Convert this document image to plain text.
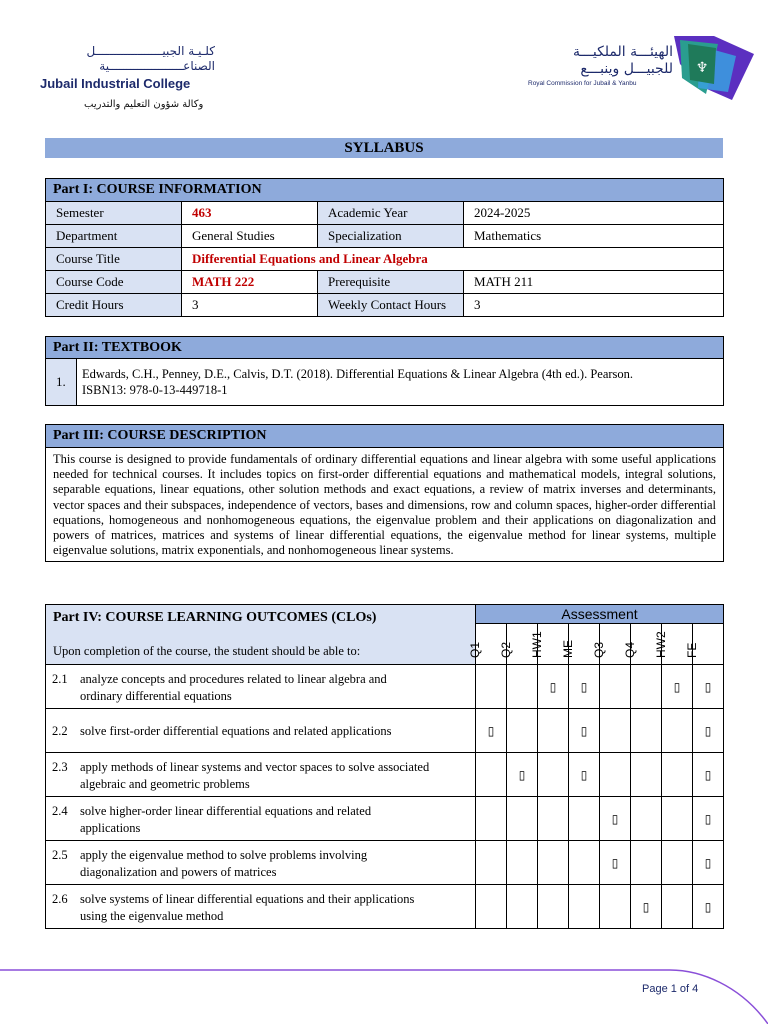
كلـيـة الجبيـــــــــــــــــــل
الصناعـــــــــــــــــــــية
Jubail Industrial College
وكالة شؤون التعليم والتدريب
الهيئـــة الملكيـــة
للجبيـــل وينبـــع
Royal Commission for Jubail & Yanbu
♆
SYLLABUS
Part I: COURSE INFORMATION			
Semester	463	Academic Year	2024-2025
Department	General Studies	Specialization	Mathematics
Course Title	Differential Equations and Linear Algebra		
Course Code	MATH 222	Prerequisite	MATH 211
Credit Hours	3	Weekly Contact Hours	3
Part II: TEXTBOOK
1.	Edwards, C.H., Penney, D.E., Calvis, D.T. (2018). Differential Equations & Linear Algebra (4th ed.). Pearson.
ISBN13: 978-0-13-449718-1
Part III: COURSE DESCRIPTION
This course is designed to provide fundamentals of ordinary differential equations and linear algebra with some useful applications needed for technical courses. It includes topics on first-order differential equations and mathematical models, integral solutions, separable equations, linear equations, other solution methods and exact equations, a review of matrix inverses and determinants, vector spaces and their subspaces, independence of vectors, bases and dimensions, row and column spaces, higher-order differential equations, homogeneous and nonhomogeneous equations, the eigenvalue problem and their applications on diagonalization and powers of matrices, matrices and systems of linear differential equations, the eigenvalue method for linear systems, multiple eigenvalue solutions, matrix exponentials, and nonhomogeneous linear systems.
Part IV: COURSE LEARNING OUTCOMES (CLOs)
Upon completion of the course, the student should be able to:	Assessment							

	Q1	Q2	HW1	ME	Q3	Q4	HW2	FE

2.1 analyze concepts and procedures related to linear algebra and
ordinary differential equations			▯	▯			▯	▯

2.2 solve first-order differential equations and related applications	▯			▯				▯

2.3 apply methods of linear systems and vector spaces to solve associated
algebraic and geometric problems		▯		▯				▯

2.4 solve higher-order linear differential equations and related
applications					▯			▯

2.5 apply the eigenvalue method to solve problems involving
diagonalization and powers of matrices					▯			▯

2.6 solve systems of linear differential equations and their applications
using the eigenvalue method						▯		▯
Page 1 of 4
